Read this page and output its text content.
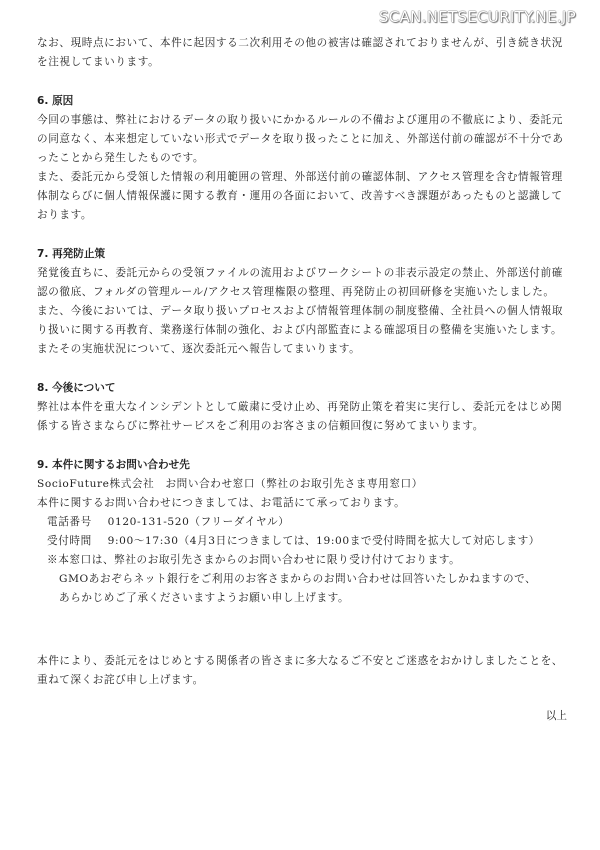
SCAN.NETSECURITY.NE.JP

なお、現時点において、本件に起因する二次利用その他の被害は確認されておりませんが、引き続き状況

を注視してまいります。

6. 原因

今回の事態は、弊社におけるデータの取り扱いにかかるルールの不備および運用の不徹底により、委託元

の同意なく、本来想定していない形式でデータを取り扱ったことに加え、外部送付前の確認が不十分であ

ったことから発生したものです。

また、委託元から受領した情報の利用範囲の管理、外部送付前の確認体制、アクセス管理を含む情報管理

体制ならびに個人情報保護に関する教育・運用の各面において、改善すべき課題があったものと認識して

おります。

7. 再発防止策

発覚後直ちに、委託元からの受領ファイルの流用およびワークシートの非表示設定の禁止、外部送付前確

認の徹底、フォルダの管理ルール/アクセス管理権限の整理、再発防止の初回研修を実施いたしました。

また、今後においては、データ取り扱いプロセスおよび情報管理体制の制度整備、全社員への個人情報取

り扱いに関する再教育、業務遂行体制の強化、および内部監査による確認項目の整備を実施いたします。

またその実施状況について、逐次委託元へ報告してまいります。

8. 今後について

弊社は本件を重大なインシデントとして厳粛に受け止め、再発防止策を着実に実行し、委託元をはじめ関

係する皆さまならびに弊社サービスをご利用のお客さまの信頼回復に努めてまいります。

9. 本件に関するお問い合わせ先

SocioFuture株式会社　お問い合わせ窓口（弊社のお取引先さま専用窓口）

本件に関するお問い合わせにつきましては、お電話にて承っております。

電話番号 0120-131-520（フリーダイヤル）

受付時間 9:00～17:30（4月3日につきましては、19:00まで受付時間を拡大して対応します）

※本窓口は、弊社のお取引先さまからのお問い合わせに限り受け付けております。

GMOあおぞらネット銀行をご利用のお客さまからのお問い合わせは回答いたしかねますので、

あらかじめご了承くださいますようお願い申し上げます。

本件により、委託元をはじめとする関係者の皆さまに多大なるご不安とご迷惑をおかけしましたことを、

重ねて深くお詫び申し上げます。

以上
